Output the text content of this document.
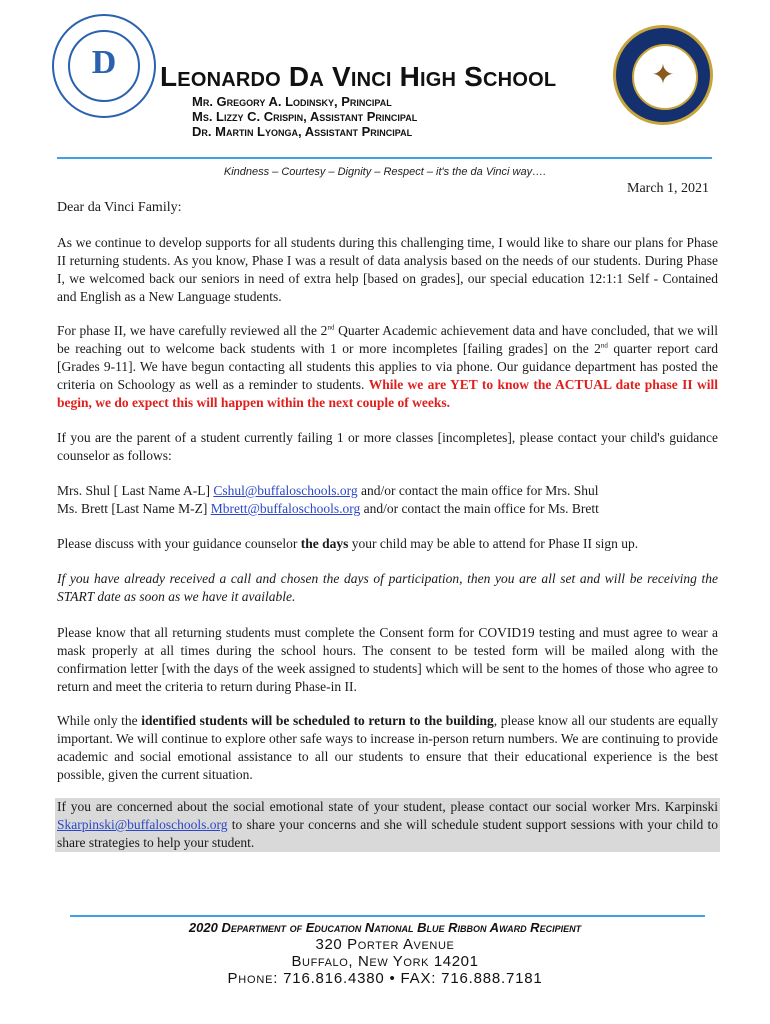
D	✦
Leonardo Da Vinci High School

Mr. Gregory A. Lodinsky, Principal

Ms. Lizzy C. Crispin, Assistant Principal

Dr. Martin Lyonga, Assistant Principal

Kindness – Courtesy – Dignity – Respect – it's the da Vinci way….
March 1, 2021

Dear da Vinci Family:

As we continue to develop supports for all students during this challenging time, I would like to share our plans for Phase II returning students. As you know, Phase I was a result of data analysis based on the needs of our students. During Phase I, we welcomed back our seniors in need of extra help [based on grades], our special education 12:1:1 Self - Contained and English as a New Language students.

For phase II, we have carefully reviewed all the 2nd Quarter Academic achievement data and have concluded, that we will be reaching out to welcome back students with 1 or more incompletes [failing grades] on the 2nd quarter report card [Grades 9-11]. We have begun contacting all students this applies to via phone. Our guidance department has posted the criteria on Schoology as well as a reminder to students. While we are YET to know the ACTUAL date phase II will begin, we do expect this will happen within the next couple of weeks.

If you are the parent of a student currently failing 1 or more classes [incompletes], please contact your child's guidance counselor as follows:

Mrs. Shul [ Last Name A-L] Cshul@buffaloschools.org and/or contact the main office for Mrs. Shul
Ms. Brett [Last Name M-Z] Mbrett@buffaloschools.org and/or contact the main office for Ms. Brett

Please discuss with your guidance counselor the days your child may be able to attend for Phase II sign up.

If you have already received a call and chosen the days of participation, then you are all set and will be receiving the START date as soon as we have it available.

Please know that all returning students must complete the Consent form for COVID19 testing and must agree to wear a mask properly at all times during the school hours. The consent to be tested form will be mailed along with the confirmation letter [with the days of the week assigned to students] which will be sent to the homes of those who agree to return and meet the criteria to return during Phase-in II.

While only the identified students will be scheduled to return to the building, please know all our students are equally important. We will continue to explore other safe ways to increase in-person return numbers. We are continuing to provide academic and social emotional assistance to all our students to ensure that their educational experience is the best possible, given the current situation.

If you are concerned about the social emotional state of your student, please contact our social worker Mrs. Karpinski Skarpinski@buffaloschools.org to share your concerns and she will schedule student support sessions with your child to share strategies to help your student.

2020 Department of Education National Blue Ribbon Award Recipient

320 Porter Avenue

Buffalo, New York 14201

Phone: 716.816.4380 • FAX: 716.888.7181
